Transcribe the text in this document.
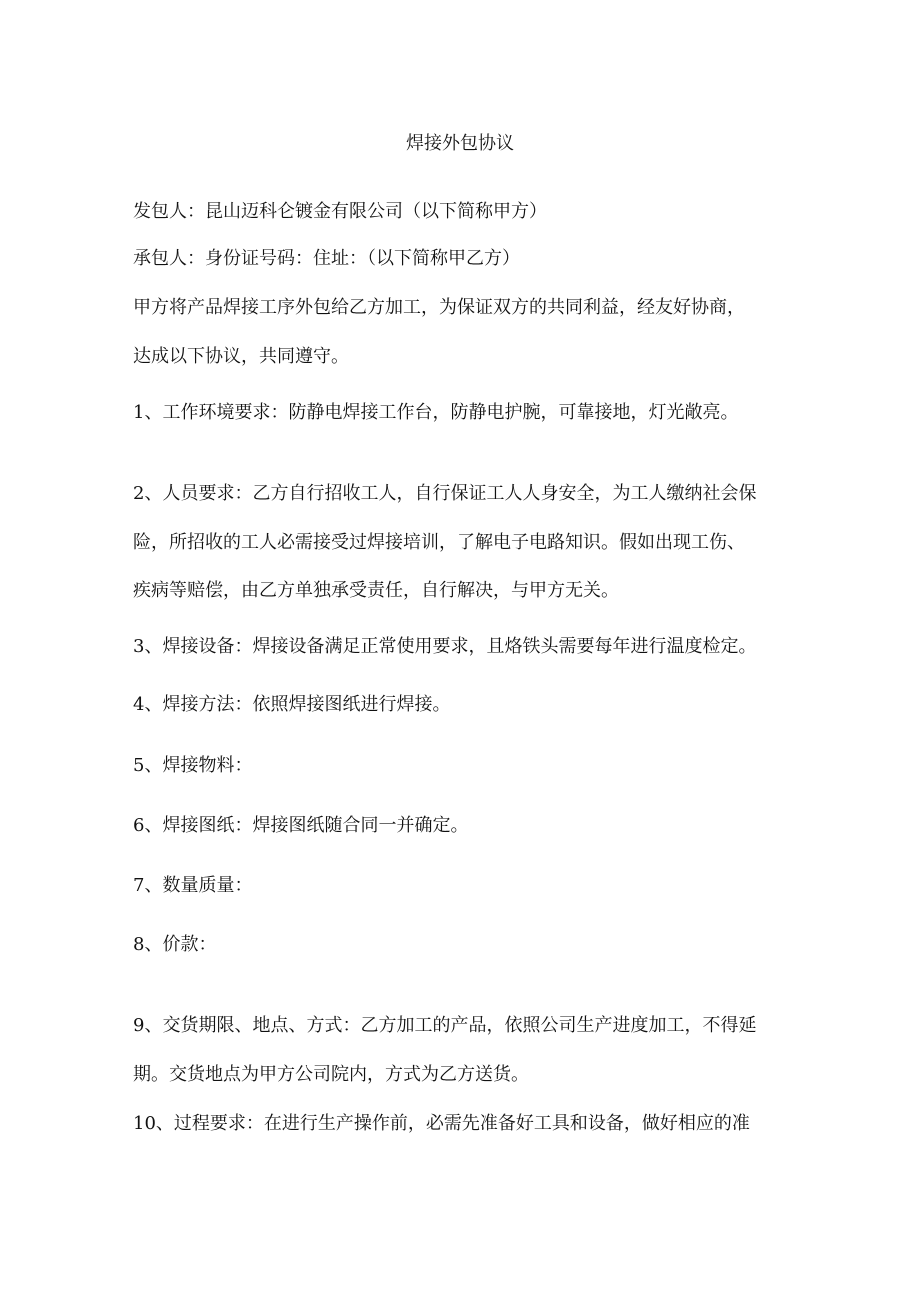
焊接外包协议
发包人：昆山迈科仑镀金有限公司（以下简称甲方）
承包人：身份证号码：住址：（以下简称甲乙方）
甲方将产品焊接工序外包给乙方加工，为保证双方的共同利益，经友好协商，
达成以下协议，共同遵守。
1、工作环境要求：防静电焊接工作台，防静电护腕，可靠接地，灯光敞亮。
2、人员要求：乙方自行招收工人，自行保证工人人身安全，为工人缴纳社会保
险，所招收的工人必需接受过焊接培训，了解电子电路知识。假如出现工伤、
疾病等赔偿，由乙方单独承受责任，自行解决，与甲方无关。
3、焊接设备：焊接设备满足正常使用要求，且烙铁头需要每年进行温度检定。
4、焊接方法：依照焊接图纸进行焊接。
5、焊接物料：
6、焊接图纸：焊接图纸随合同一并确定。
7、数量质量：
8、价款：
9、交货期限、地点、方式：乙方加工的产品，依照公司生产进度加工，不得延
期。交货地点为甲方公司院内，方式为乙方送货。
10、过程要求：在进行生产操作前，必需先准备好工具和设备，做好相应的准
